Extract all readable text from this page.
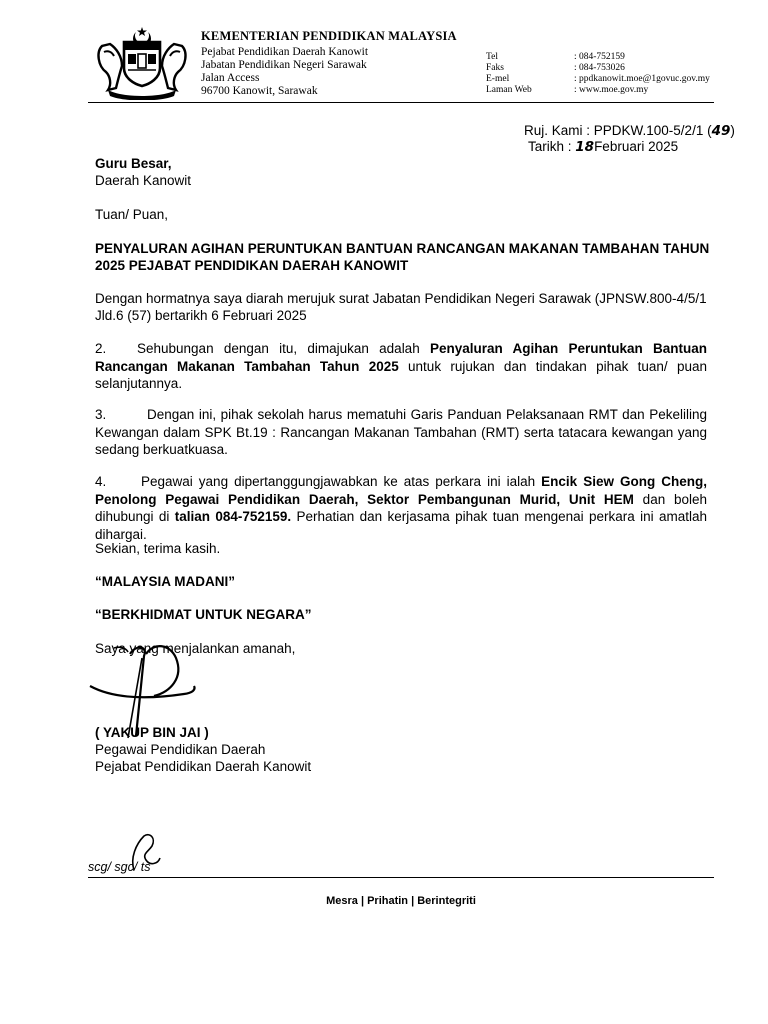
KEMENTERIAN PENDIDIKAN MALAYSIA
Pejabat Pendidikan Daerah Kanowit
Jabatan Pendidikan Negeri Sarawak
Jalan Access
96700 Kanowit, Sarawak
Tel	: 084-752159
Faks	: 084-753026
E-mel	: ppdkanowit.moe@1govuc.gov.my
Laman Web	: www.moe.gov.my
Ruj. Kami : PPDKW.100-5/2/1 (49)
Tarikh : 18Februari 2025
Guru Besar,
Daerah Kanowit
Tuan/ Puan,
PENYALURAN AGIHAN PERUNTUKAN BANTUAN RANCANGAN MAKANAN TAMBAHAN TAHUN
2025 PEJABAT PENDIDIKAN DAERAH KANOWIT
Dengan hormatnya saya diarah merujuk surat Jabatan Pendidikan Negeri Sarawak (JPNSW.800-4/5/1
Jld.6 (57) bertarikh 6 Februari 2025
2. Sehubungan dengan itu, dimajukan adalah Penyaluran Agihan Peruntukan Bantuan Rancangan Makanan Tambahan Tahun 2025 untuk rujukan dan tindakan pihak tuan/ puan selanjutannya.
3.	Dengan ini, pihak sekolah harus mematuhi Garis Panduan Pelaksanaan RMT dan Pekeliling Kewangan dalam SPK Bt.19 : Rancangan Makanan Tambahan (RMT) serta tatacara kewangan yang sedang berkuatkuasa.
4.	Pegawai yang dipertanggungjawabkan ke atas perkara ini ialah Encik Siew Gong Cheng, Penolong Pegawai Pendidikan Daerah, Sektor Pembangunan Murid, Unit HEM dan boleh dihubungi di talian 084-752159. Perhatian dan kerjasama pihak tuan mengenai perkara ini amatlah dihargai.
Sekian, terima kasih.
“MALAYSIA MADANI”
“BERKHIDMAT UNTUK NEGARA”
Saya yang menjalankan amanah,
( YAKUP BIN JAI )
Pegawai Pendidikan Daerah
Pejabat Pendidikan Daerah Kanowit
scg/ sgc/ ts
Mesra | Prihatin | Berintegriti
